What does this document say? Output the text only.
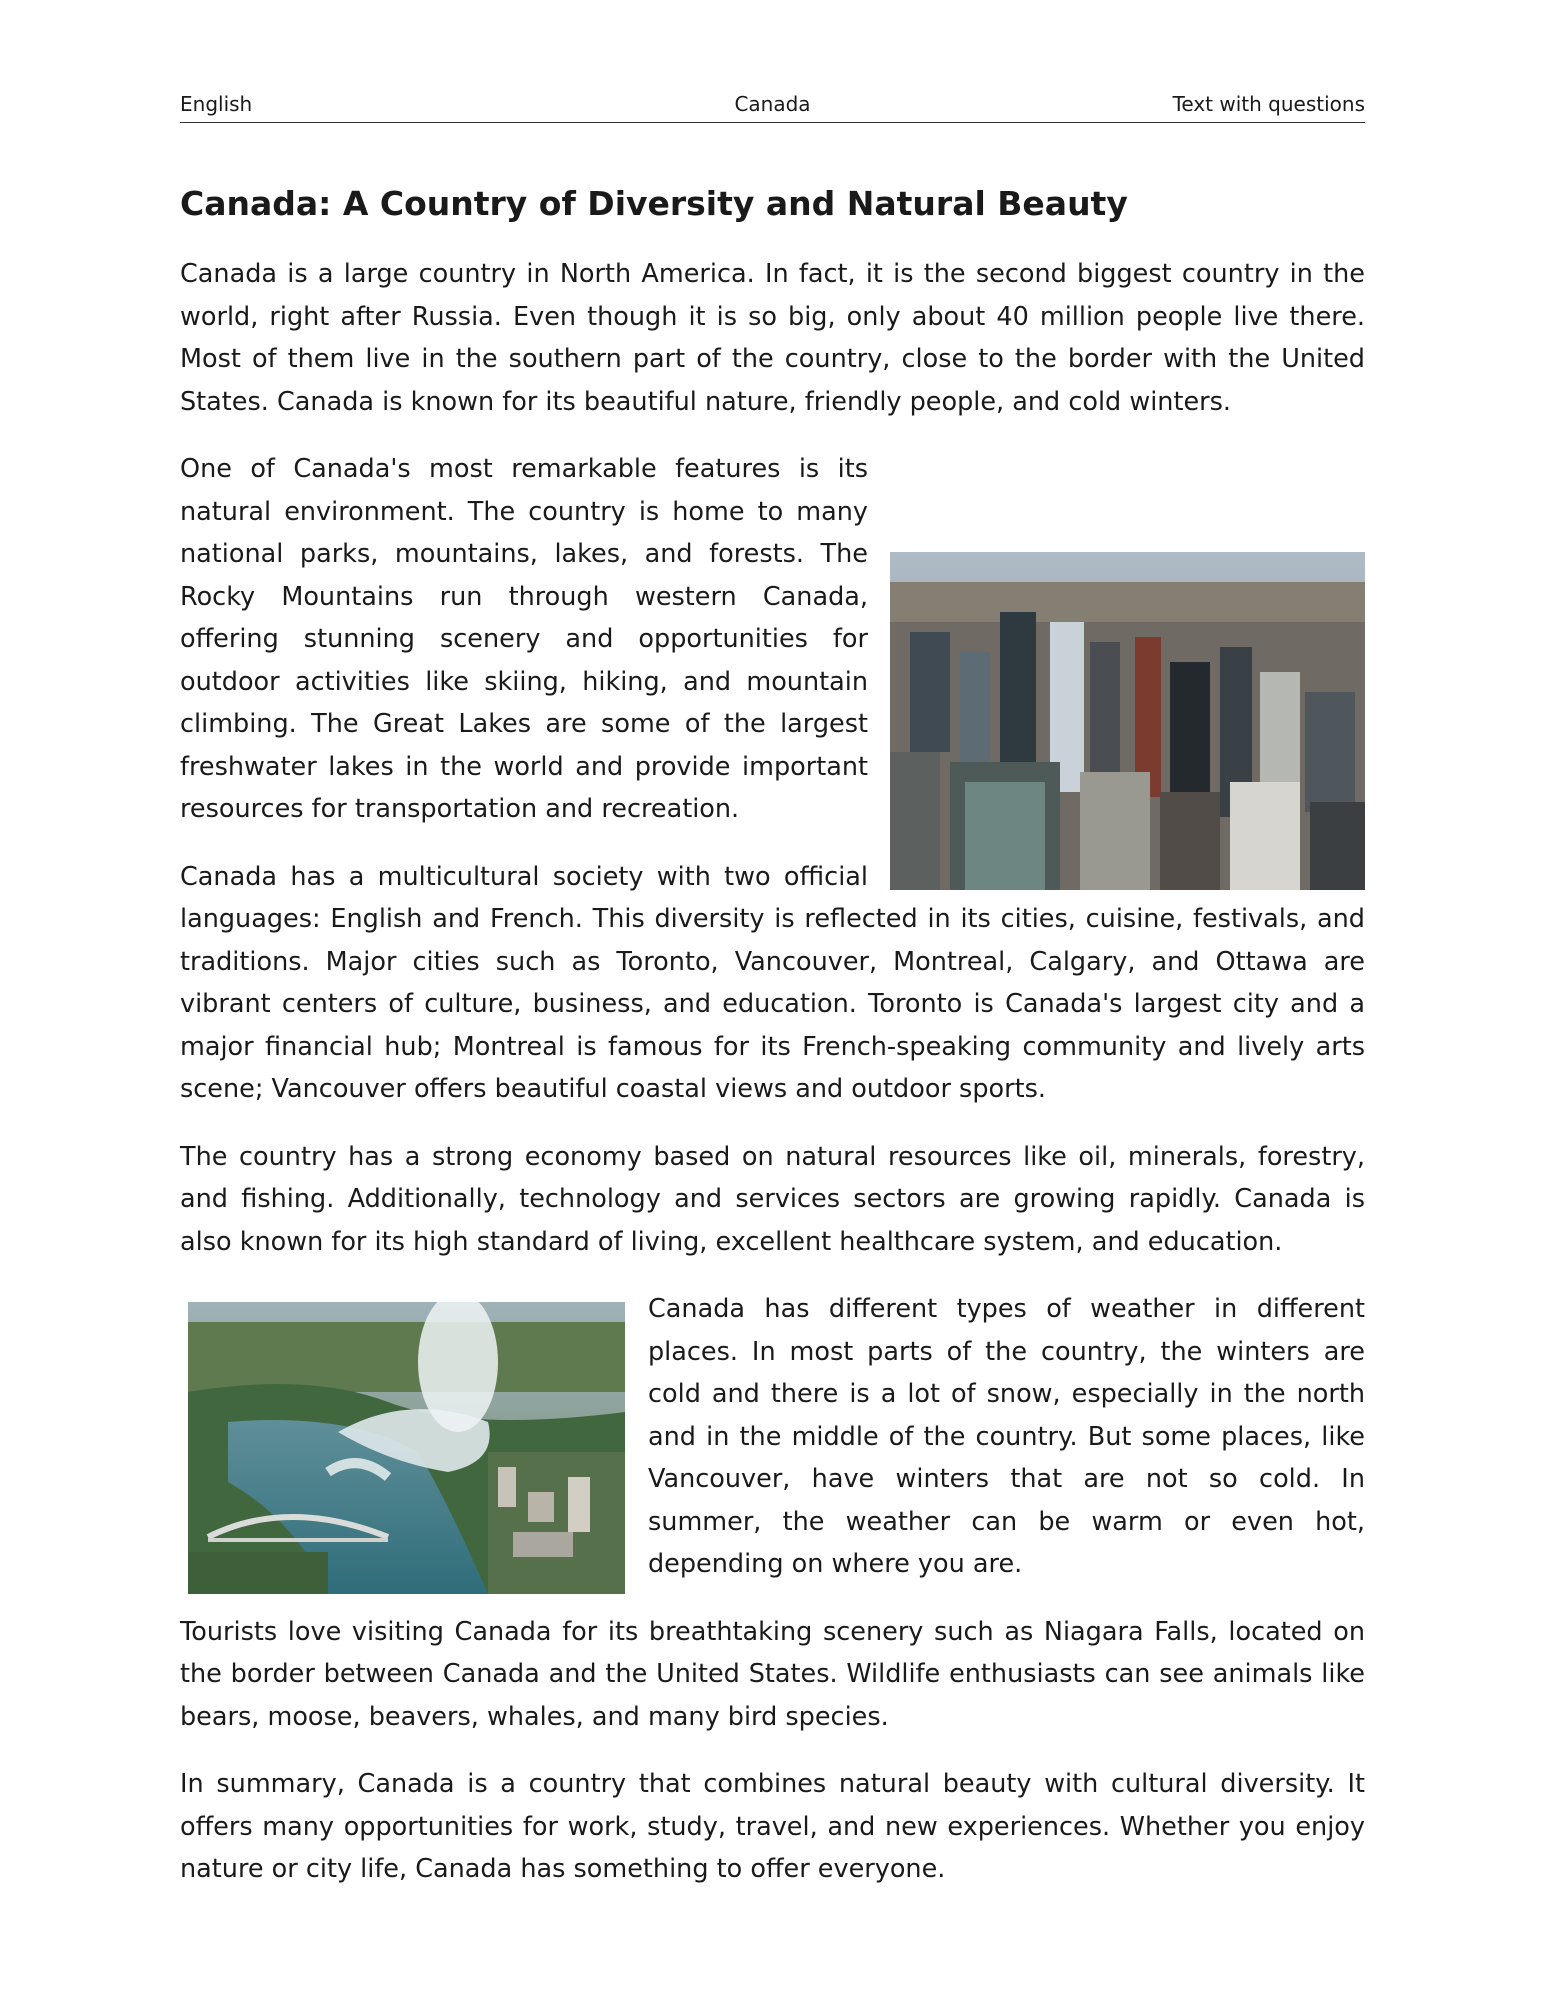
English	Canada	Text with questions
Canada: A Country of Diversity and Natural Beauty

Canada is a large country in North America. In fact, it is the second biggest country in the world, right after Russia. Even though it is so big, only about 40 million people live there. Most of them live in the southern part of the country, close to the border with the United States. Canada is known for its beautiful nature, friendly people, and cold winters.

One of Canada's most remarkable features is its natural environment. The country is home to many national parks, mountains, lakes, and forests. The Rocky Mountains run through western Canada, offering stunning scenery and opportunities for outdoor activities like skiing, hiking, and mountain climbing. The Great Lakes are some of the largest freshwater lakes in the world and provide important resources for transportation and recreation.

Canada has a multicultural society with two official languages: English and French. This diversity is reflected in its cities, cuisine, festivals, and traditions. Major cities such as Toronto, Vancouver, Montreal, Calgary, and Ottawa are vibrant centers of culture, business, and education. Toronto is Canada's largest city and a major financial hub; Montreal is famous for its French-speaking community and lively arts scene; Vancouver offers beautiful coastal views and outdoor sports.

The country has a strong economy based on natural resources like oil, minerals, forestry, and fishing. Additionally, technology and services sectors are growing rapidly. Canada is also known for its high standard of living, excellent healthcare system, and education.

Canada has different types of weather in different places. In most parts of the country, the winters are cold and there is a lot of snow, especially in the north and in the middle of the country. But some places, like Vancouver, have winters that are not so cold. In summer, the weather can be warm or even hot, depending on where you are.

Tourists love visiting Canada for its breathtaking scenery such as Niagara Falls, located on the border between Canada and the United States. Wildlife enthusiasts can see animals like bears, moose, beavers, whales, and many bird species.

In summary, Canada is a country that combines natural beauty with cultural diversity. It offers many opportunities for work, study, travel, and new experiences. Whether you enjoy nature or city life, Canada has something to offer everyone.
